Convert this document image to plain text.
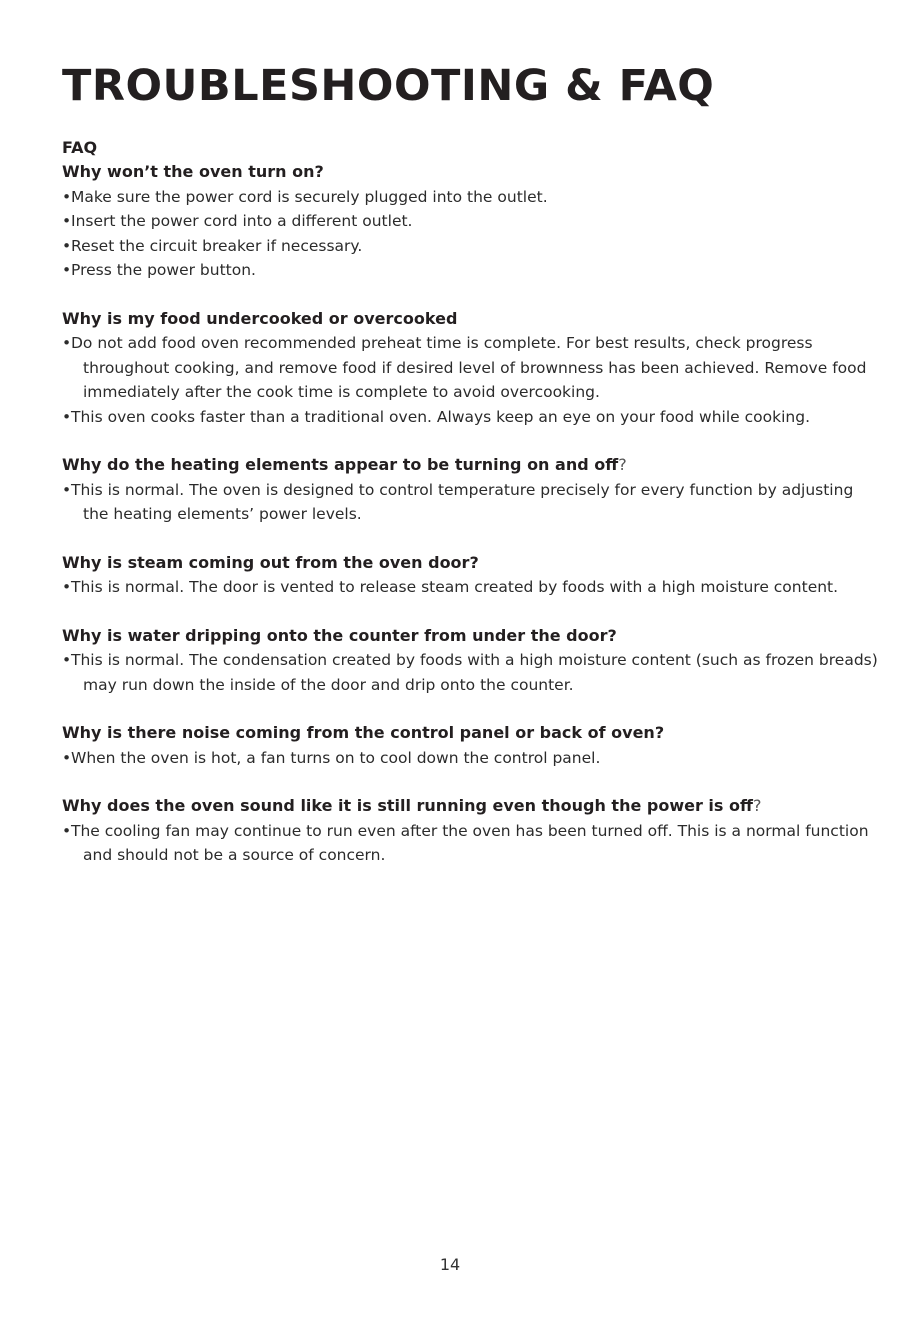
TROUBLESHOOTING & FAQ
FAQ

Why won’t the oven turn on?

•Make sure the power cord is securely plugged into the outlet.
•Insert the power cord into a different outlet.
•Reset the circuit breaker if necessary.
•Press the power button.

Why is my food undercooked or overcooked

•Do not add food oven recommended preheat time is complete. For best results, check progress throughout cooking, and remove food if desired level of brownness has been achieved. Remove food immediately after the cook time is complete to avoid overcooking.
•This oven cooks faster than a traditional oven. Always keep an eye on your food while cooking.

Why do the heating elements appear to be turning on and off?

•This is normal. The oven is designed to control temperature precisely for every function by adjusting the heating elements’ power levels.

Why is steam coming out from the oven door?

•This is normal. The door is vented to release steam created by foods with a high moisture content.

Why is water dripping onto the counter from under the door?

•This is normal. The condensation created by foods with a high moisture content (such as frozen breads) may run down the inside of the door and drip onto the counter.

Why is there noise coming from the control panel or back of oven?

•When the oven is hot, a fan turns on to cool down the control panel.

Why does the oven sound like it is still running even though the power is off?

•The cooling fan may continue to run even after the oven has been turned off. This is a normal function and should not be a source of concern.
14
